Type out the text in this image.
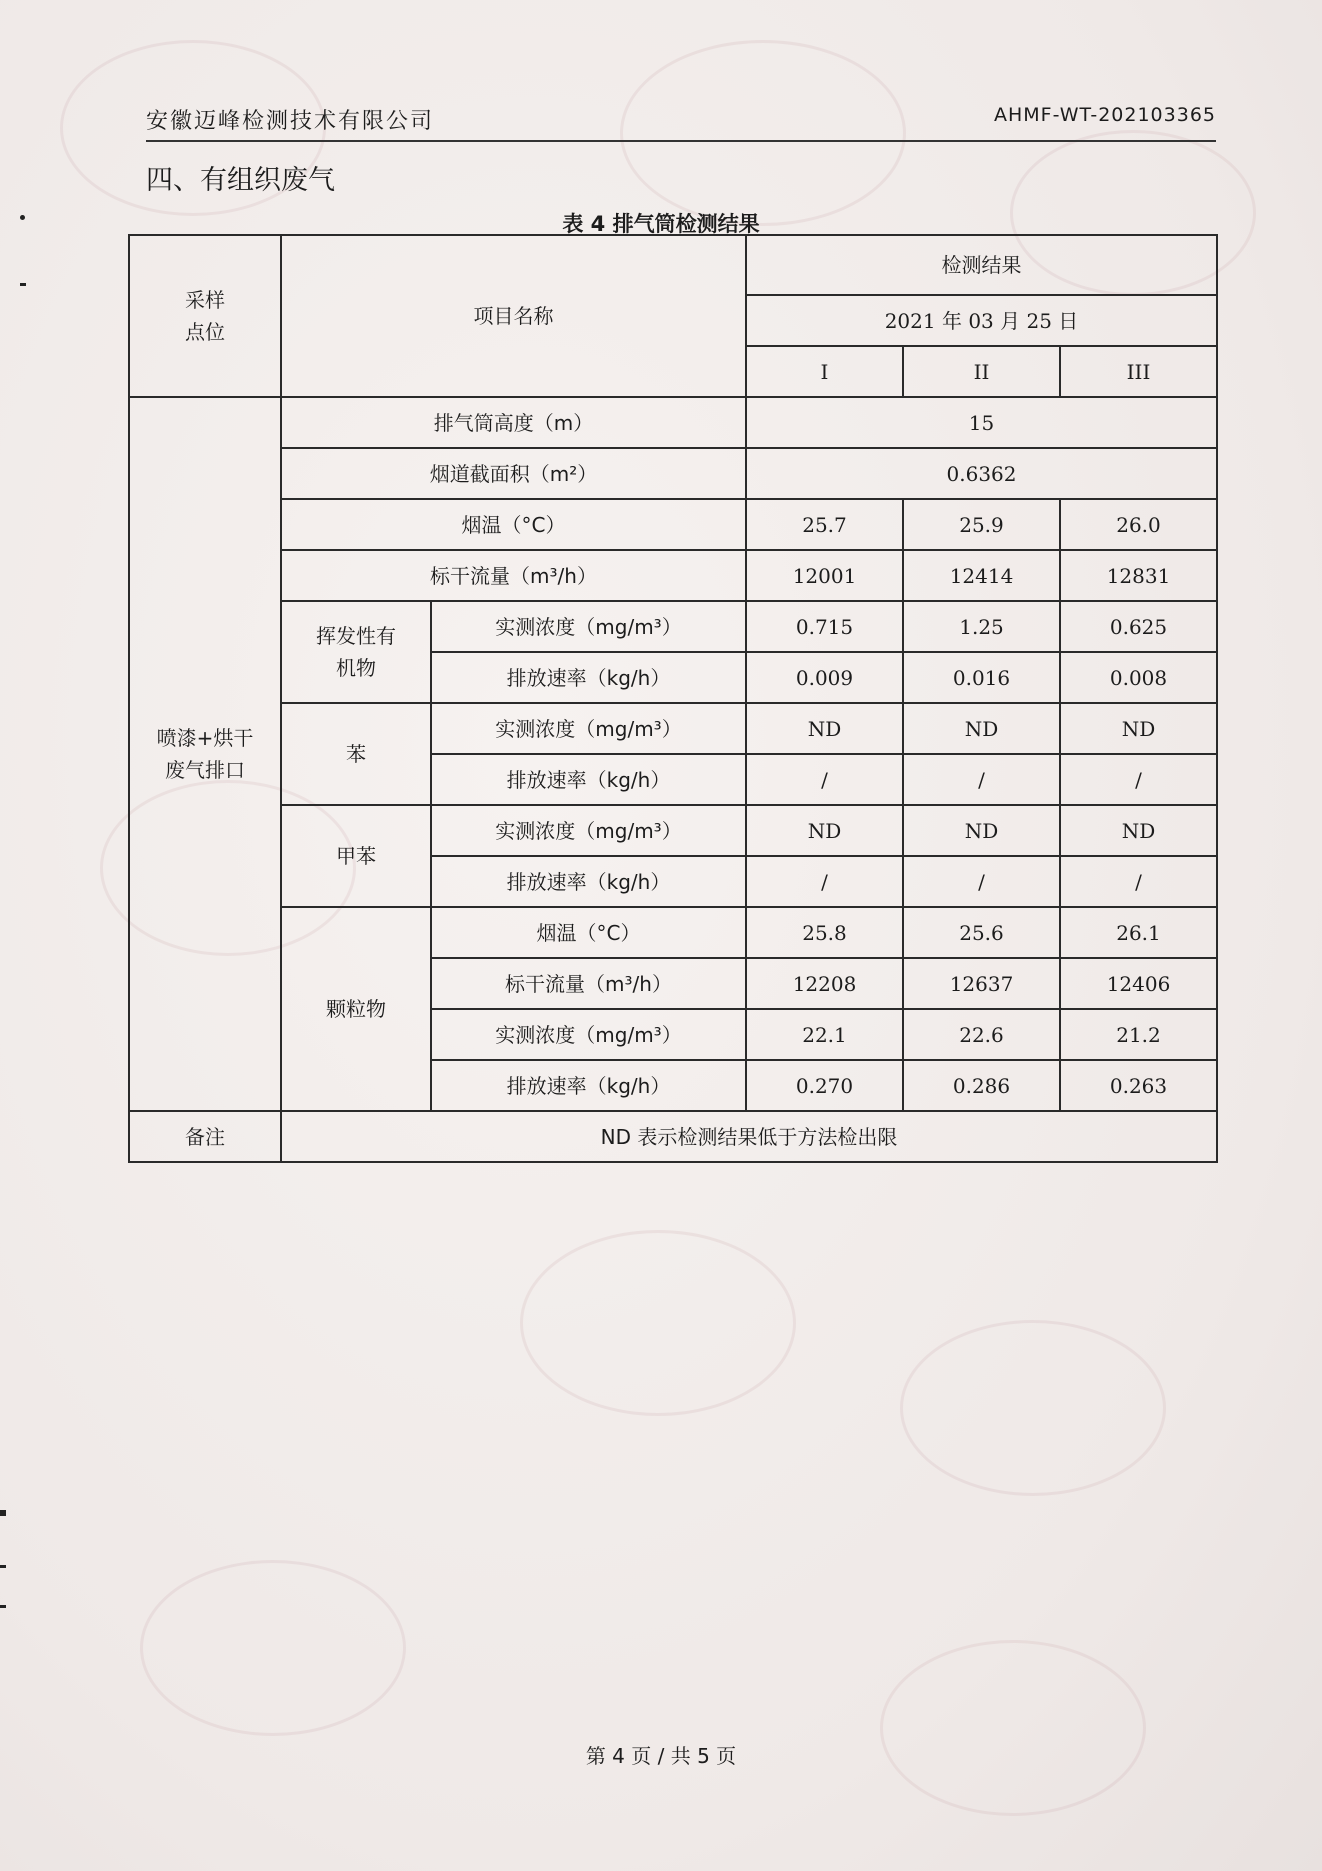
安徽迈峰检测技术有限公司	AHMF-WT-202103365
四、有组织废气
表 4 排气筒检测结果
采样点位	项目名称		检测结果		
			2021 年 03 月 25 日		
			I	II	III

喷漆+烘干废气排口	排气筒高度（m）		15		
	烟道截面积（m²）		0.6362		
	烟温（°C）		25.7	25.9	26.0
	标干流量（m³/h）		12001	12414	12831

	挥发性有机物	实测浓度（mg/m³）	0.715	1.25	0.625
		排放速率（kg/h）	0.009	0.016	0.008
	苯	实测浓度（mg/m³）	ND	ND	ND
		排放速率（kg/h）	/	/	/
	甲苯	实测浓度（mg/m³）	ND	ND	ND
		排放速率（kg/h）	/	/	/
	颗粒物	烟温（°C）	25.8	25.6	26.1
		标干流量（m³/h）	12208	12637	12406
		实测浓度（mg/m³）	22.1	22.6	21.2
		排放速率（kg/h）	0.270	0.286	0.263
备注	ND 表示检测结果低于方法检出限				
第 4 页 / 共 5 页
